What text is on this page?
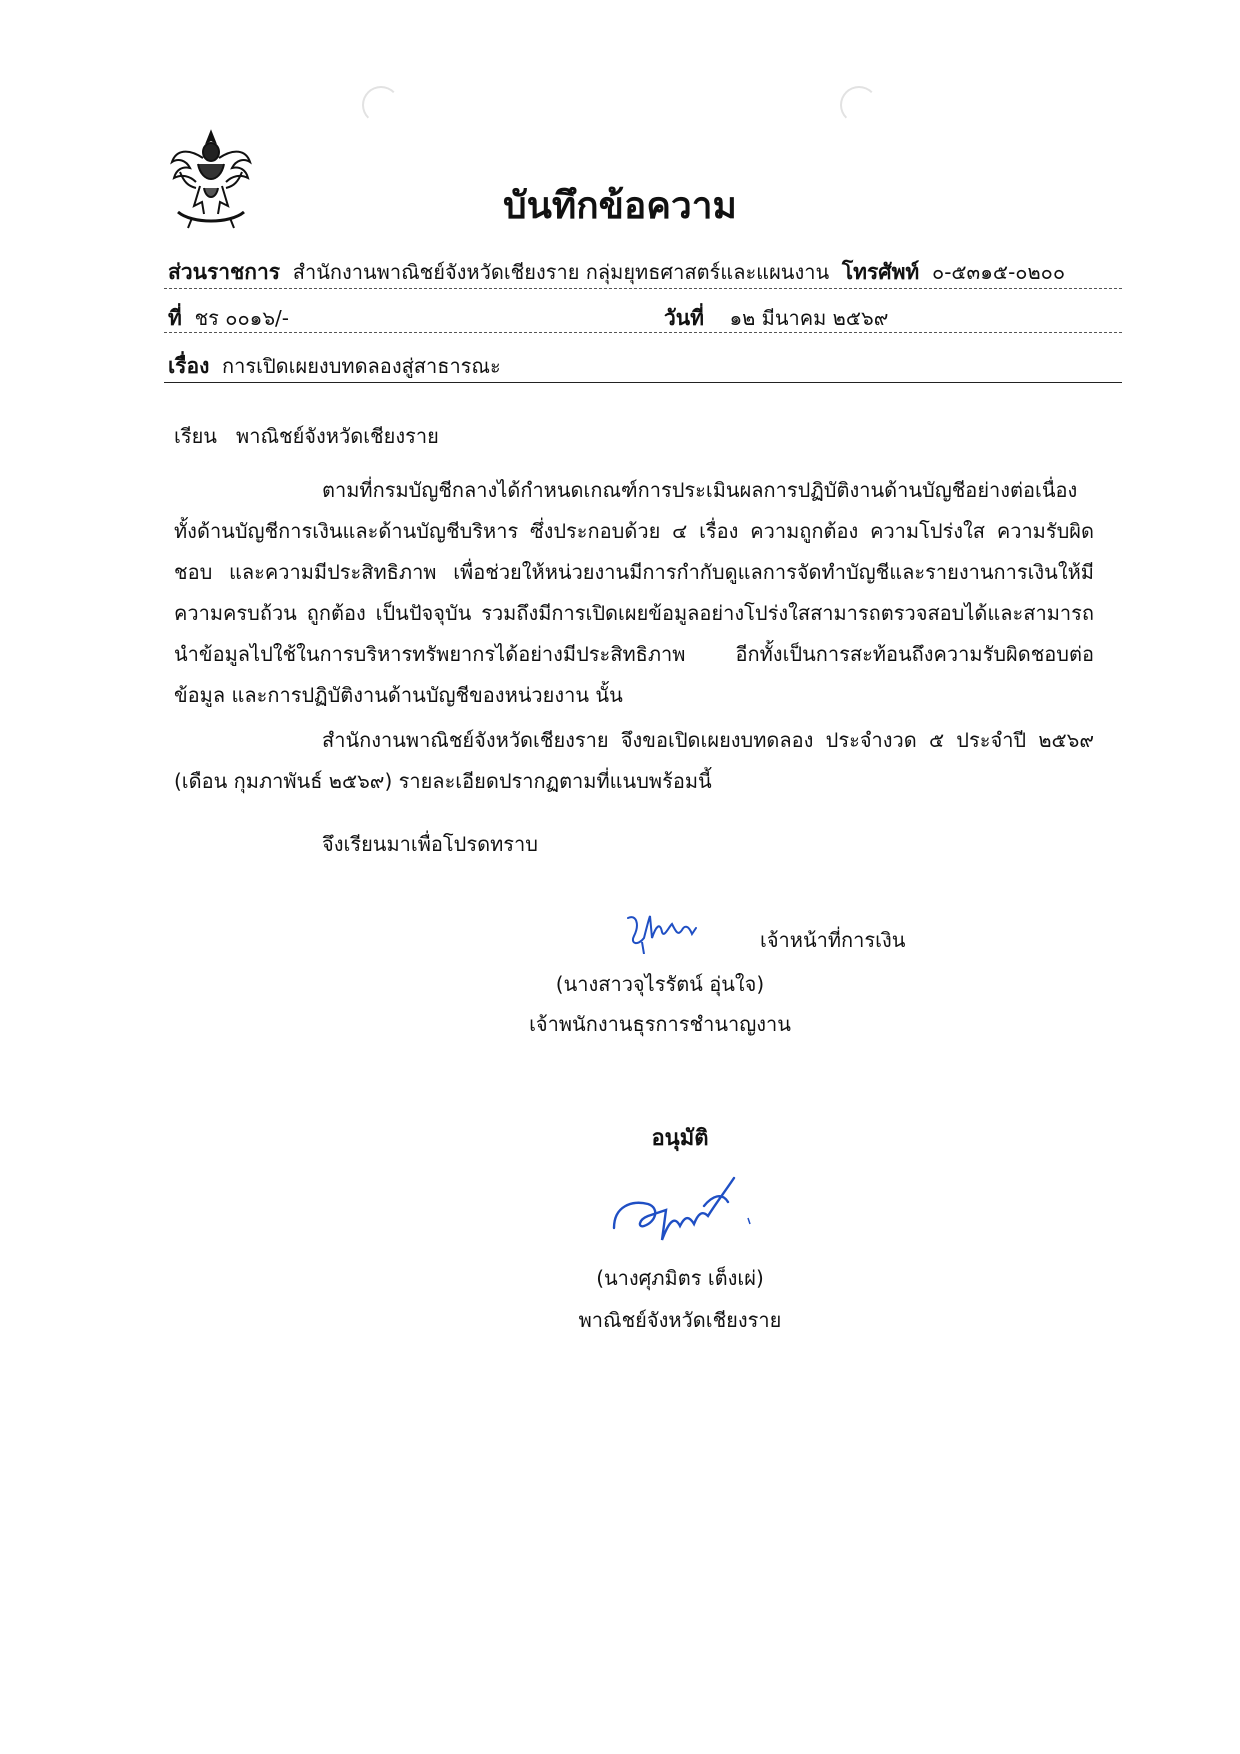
บันทึกข้อความ
ส่วนราชการ สำนักงานพาณิชย์จังหวัดเชียงราย กลุ่มยุทธศาสตร์และแผนงาน โทรศัพท์ ๐-๕๓๑๕-๐๒๐๐
ที่ ชร ๐๐๑๖/-	วันที่ ๑๒ มีนาคม ๒๕๖๙
เรื่อง การเปิดเผยงบทดลองสู่สาธารณะ
เรียน พาณิชย์จังหวัดเชียงราย
ตามที่กรมบัญชีกลางได้กำหนดเกณฑ์การประเมินผลการปฏิบัติงานด้านบัญชีอย่างต่อเนื่อง ทั้งด้านบัญชีการเงินและด้านบัญชีบริหาร ซึ่งประกอบด้วย ๔ เรื่อง ความถูกต้อง ความโปร่งใส ความรับผิดชอบ และความมีประสิทธิภาพ เพื่อช่วยให้หน่วยงานมีการกำกับดูแลการจัดทำบัญชีและรายงานการเงินให้มีความครบถ้วน ถูกต้อง เป็นปัจจุบัน รวมถึงมีการเปิดเผยข้อมูลอย่างโปร่งใสสามารถตรวจสอบได้และสามารถนำข้อมูลไปใช้ในการบริหารทรัพยากรได้อย่างมีประสิทธิภาพ อีกทั้งเป็นการสะท้อนถึงความรับผิดชอบต่อข้อมูล และการปฏิบัติงานด้านบัญชีของหน่วยงาน นั้น
สำนักงานพาณิชย์จังหวัดเชียงราย จึงขอเปิดเผยงบทดลอง ประจำงวด ๕ ประจำปี ๒๕๖๙ (เดือน กุมภาพันธ์ ๒๕๖๙) รายละเอียดปรากฏตามที่แนบพร้อมนี้
จึงเรียนมาเพื่อโปรดทราบ
เจ้าหน้าที่การเงิน
(นางสาวจุไรรัตน์ อุ่นใจ)
เจ้าพนักงานธุรการชำนาญงาน
อนุมัติ
(นางศุภมิตร เต็งเผ่)
พาณิชย์จังหวัดเชียงราย
